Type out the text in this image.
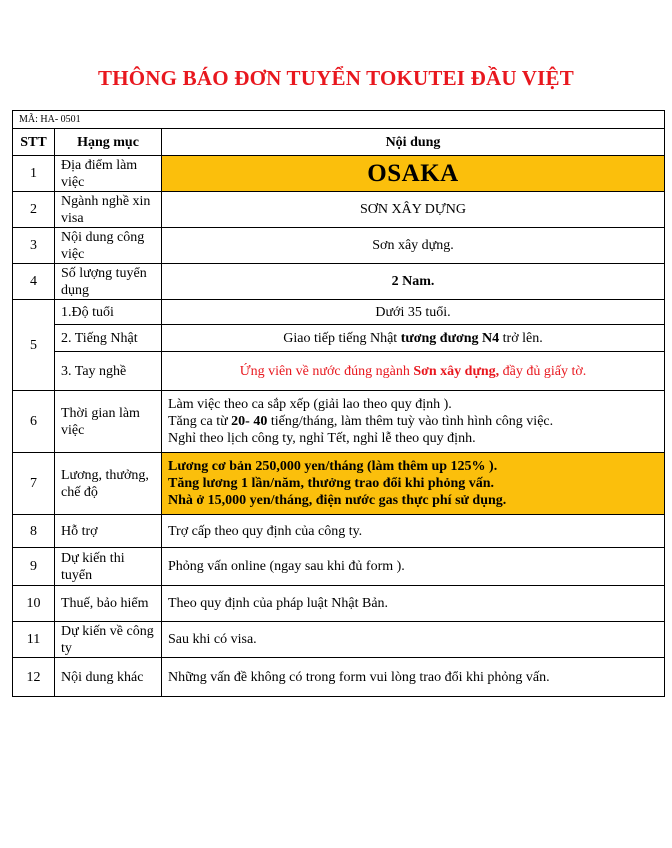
THÔNG BÁO ĐƠN TUYỂN TOKUTEI ĐẦU VIỆT
MÃ: HA- 0501		
STT	Hạng mục	Nội dung
1	Địa điểm làm việc	OSAKA
2	Ngành nghề xin visa	SƠN XÂY DỰNG
3	Nội dung công việc	Sơn xây dựng.
4	Số lượng tuyển dụng	2 Nam.
5	1.Độ tuổi	Dưới 35 tuổi.
	2. Tiếng Nhật	Giao tiếp tiếng Nhật tương đương N4 trở lên.
	3. Tay nghề	Ứng viên về nước đúng ngành Sơn xây dựng, đầy đủ giấy tờ.
6	Thời gian làm việc	Làm việc theo ca sắp xếp (giải lao theo quy định ).
Tăng ca từ 20- 40 tiếng/tháng, làm thêm tuỳ vào tình hình công việc.
Nghỉ theo lịch công ty, nghỉ Tết, nghỉ lễ theo quy định.

7	Lương, thưởng, chế độ	Lương cơ bản 250,000 yen/tháng (làm thêm up 125% ).
Tăng lương 1 lần/năm, thưởng trao đổi khi phỏng vấn.
Nhà ở 15,000 yen/tháng, điện nước gas thực phí sử dụng.

8	Hỗ trợ	Trợ cấp theo quy định của công ty.
9	Dự kiến thi tuyển	Phỏng vấn online (ngay sau khi đủ form ).
10	Thuế, bảo hiểm	Theo quy định của pháp luật Nhật Bản.
11	Dự kiến về công ty	Sau khi có visa.
12	Nội dung khác	Những vấn đề không có trong form vui lòng trao đổi khi phỏng vấn.
